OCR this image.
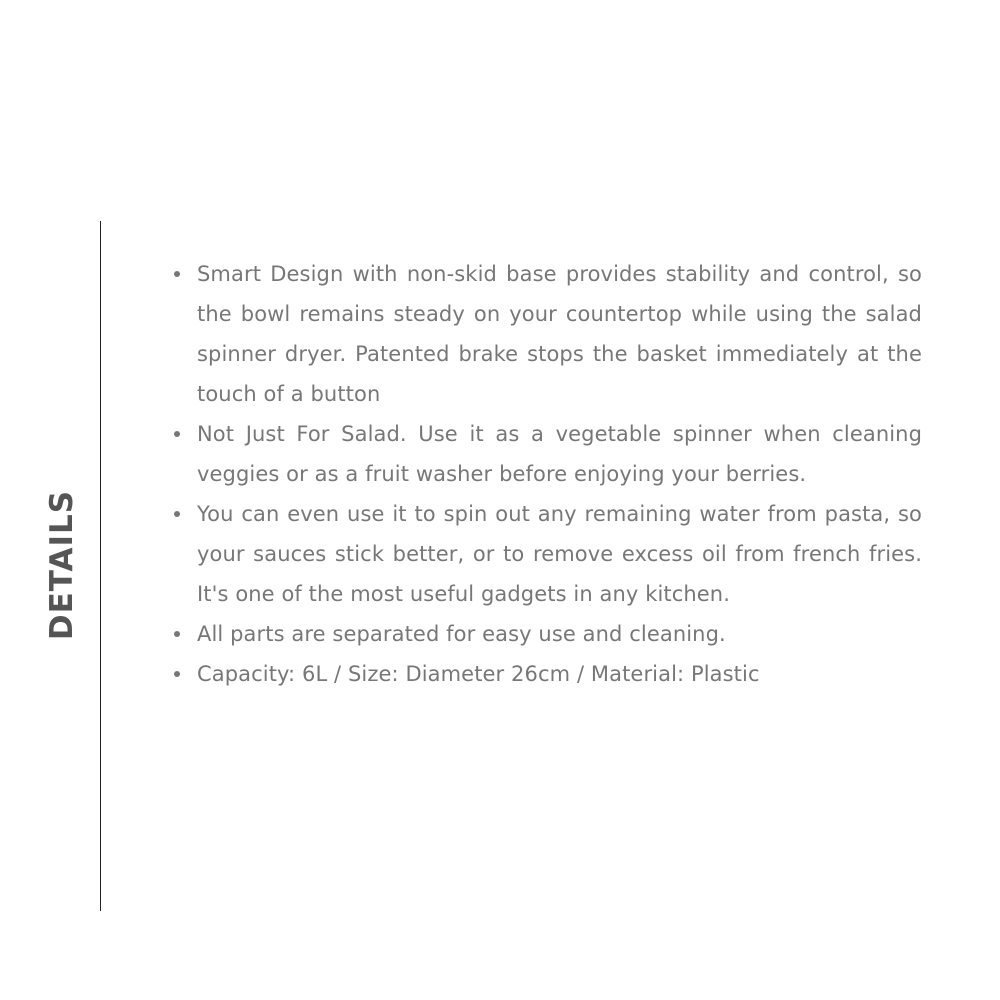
DETAILS
Smart Design with non-skid base provides stability and control, so the bowl remains steady on your countertop while using the salad spinner dryer. Patented brake stops the basket immediately at the touch of a button
Not Just For Salad. Use it as a vegetable spinner when cleaning veggies or as a fruit washer before enjoying your berries.
You can even use it to spin out any remaining water from pasta, so your sauces stick better, or to remove excess oil from french fries. It's one of the most useful gadgets in any kitchen.
All parts are separated for easy use and cleaning.
Capacity: 6L / Size: Diameter 26cm / Material: Plastic
